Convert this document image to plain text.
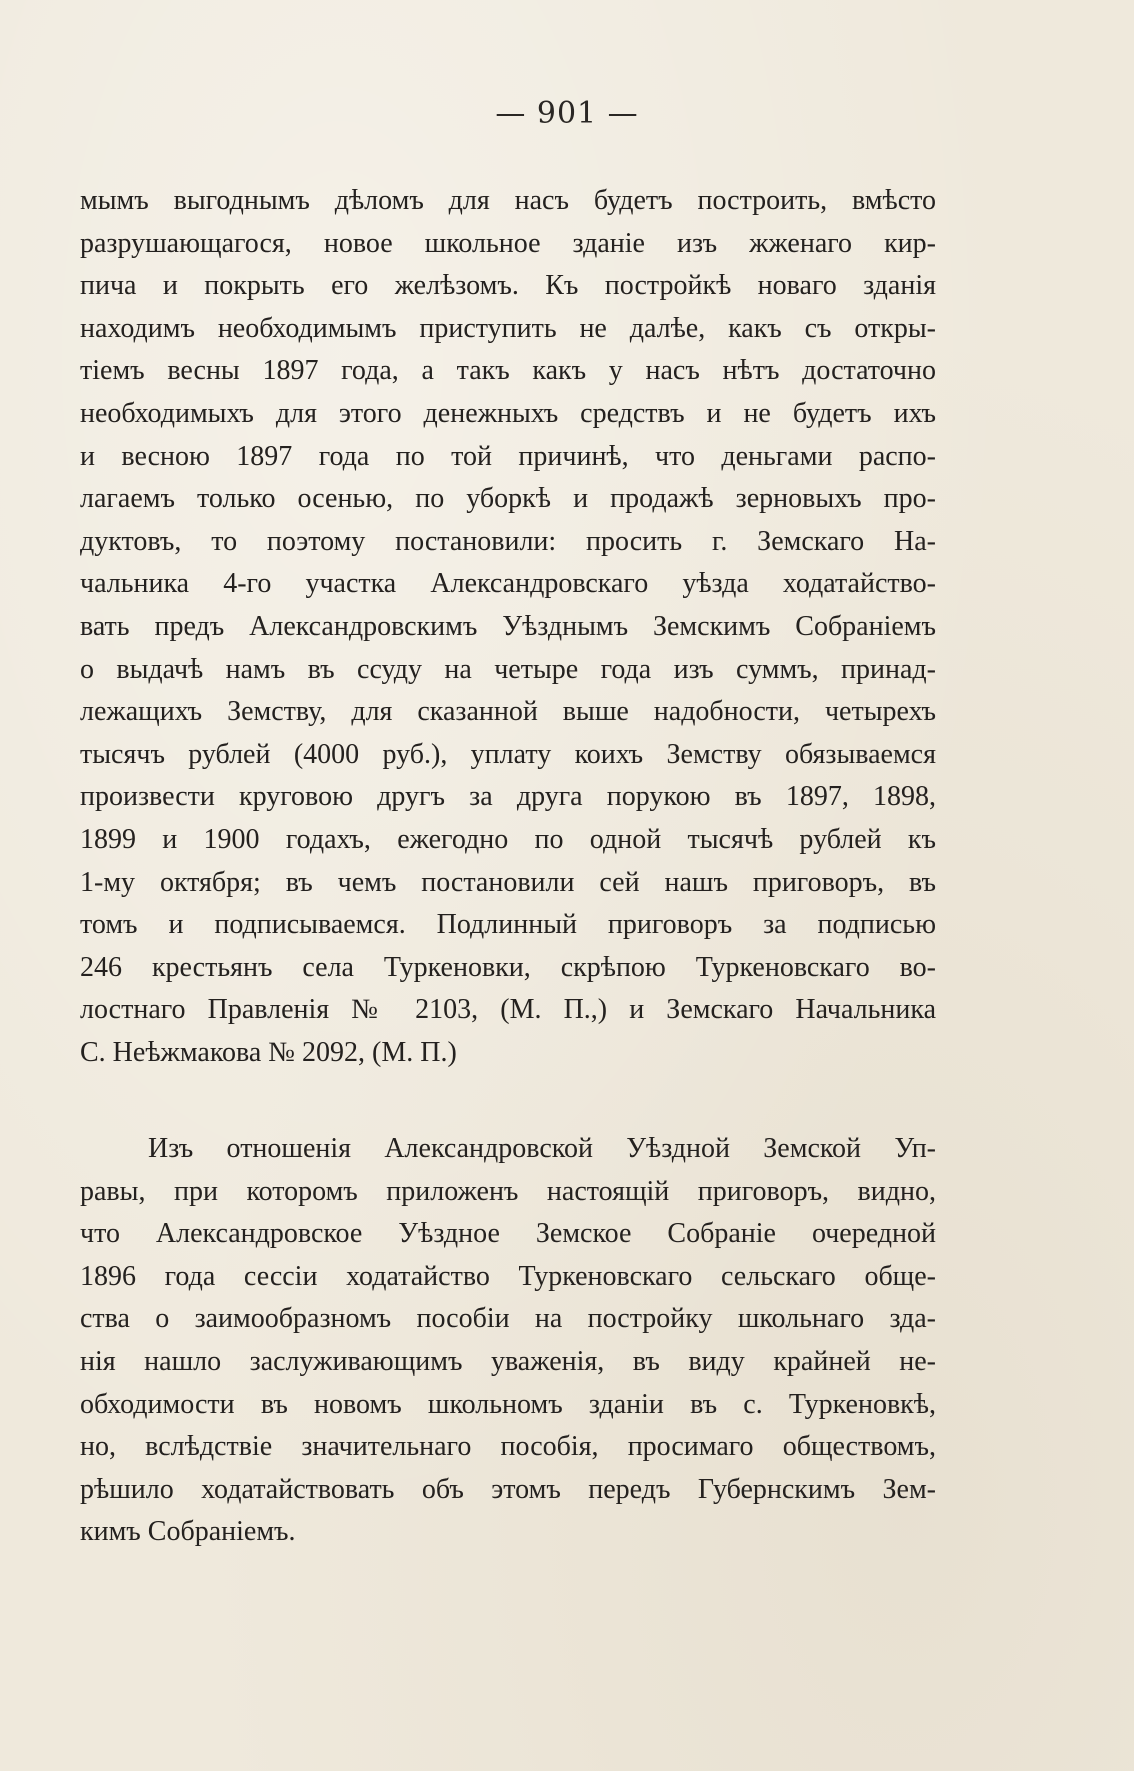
— 901 —
мымъ выгоднымъ дѣломъ для насъ будетъ построить, вмѣсто
разрушающагося, новое школьное зданіе изъ жженаго кир-
пича и покрыть его желѣзомъ. Къ постройкѣ новаго зданія
находимъ необходимымъ приступить не далѣе, какъ съ откры-
тіемъ весны 1897 года, а такъ какъ у насъ нѣтъ достаточно
необходимыхъ для этого денежныхъ средствъ и не будетъ ихъ
и весною 1897 года по той причинѣ, что деньгами распо-
лагаемъ только осенью, по уборкѣ и продажѣ зерновыхъ про-
дуктовъ, то поэтому постановили: просить г. Земскаго На-
чальника 4-го участка Александровскаго уѣзда ходатайство-
вать предъ Александровскимъ Уѣзднымъ Земскимъ Собраніемъ
о выдачѣ намъ въ ссуду на четыре года изъ суммъ, принад-
лежащихъ Земству, для сказанной выше надобности, четырехъ
тысячъ рублей (4000 руб.), уплату коихъ Земству обязываемся
произвести круговою другъ за друга порукою въ 1897, 1898,
1899 и 1900 годахъ, ежегодно по одной тысячѣ рублей къ
1-му октября; въ чемъ постановили сей нашъ приговоръ, въ
томъ и подписываемся. Подлинный приговоръ за подписью
246 крестьянъ села Туркеновки, скрѣпою Туркеновскаго во-
лостнаго Правленія № 2103, (М. П.,) и Земскаго Начальника
С. Нeѣжмакова № 2092, (М. П.)
Изъ отношенія Александровской Уѣздной Земской Уп-
равы, при которомъ приложенъ настоящій приговоръ, видно,
что Александровское Уѣздное Земское Собраніе очередной
1896 года сессіи ходатайство Туркеновскаго сельскаго обще-
ства о заимообразномъ пособіи на постройку школьнаго зда-
нія нашло заслуживающимъ уваженія, въ виду крайней не-
обходимости въ новомъ школьномъ зданіи въ с. Туркеновкѣ,
но, вслѣдствіе значительнаго пособія, просимаго обществомъ,
рѣшило ходатайствовать объ этомъ передъ Губернскимъ Зем-
кимъ Собраніемъ.
